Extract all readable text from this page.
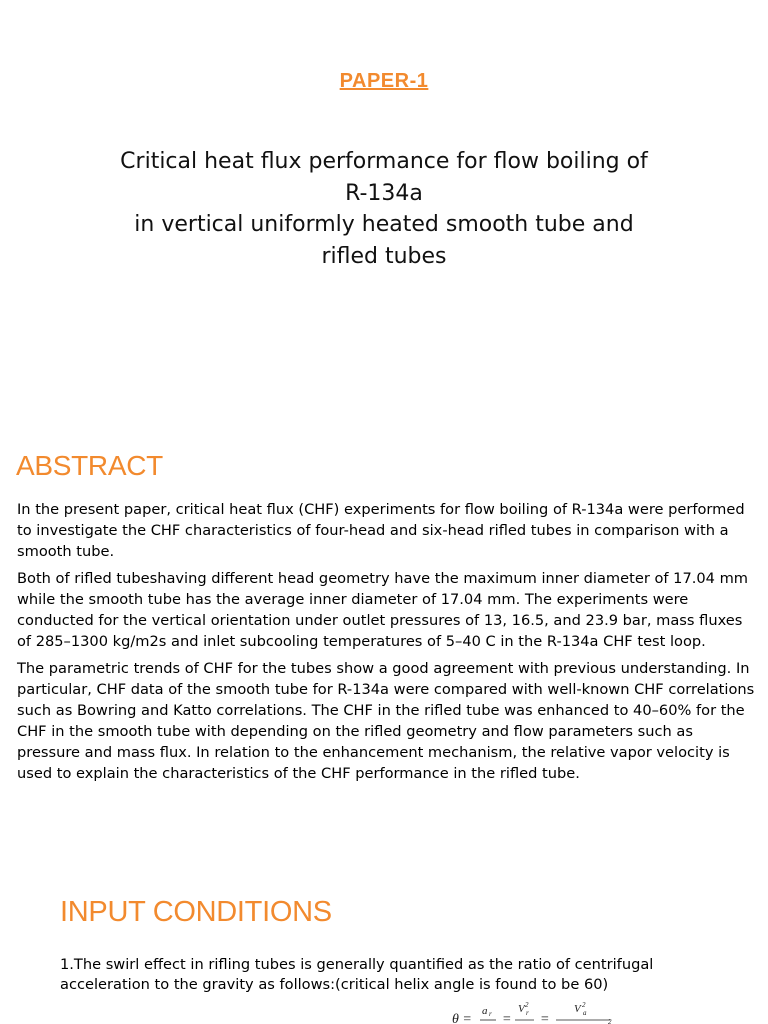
PAPER-1
Critical heat flux performance for flow boiling of
R-134a
in vertical uniformly heated smooth tube and
rifled tubes
ABSTRACT

In the present paper, critical heat flux (CHF) experiments for flow boiling of R-134a were performed to investigate the CHF characteristics of four-head and six-head rifled tubes in comparison with a smooth tube.

Both of rifled tubeshaving different head geometry have the maximum inner diameter of 17.04 mm while the smooth tube has the average inner diameter of 17.04 mm. The experiments were conducted for the vertical orientation under outlet pressures of 13, 16.5, and 23.9 bar, mass fluxes of 285–1300 kg/m2s and inlet subcooling temperatures of 5–40 C in the R-134a CHF test loop.

The parametric trends of CHF for the tubes show a good agreement with previous understanding. In particular, CHF data of the smooth tube for R-134a were compared with well-known CHF correlations such as Bowring and Katto correlations. The CHF in the rifled tube was enhanced to 40–60% for the CHF in the smooth tube with depending on the rifled geometry and flow parameters such as pressure and mass flux. In relation to the enhancement mechanism, the relative vapor velocity is used to explain the characteristics of the CHF performance in the rifled tube.

INPUT CONDITIONS
1.The swirl effect in rifling tubes is generally quantified as the ratio of centrifugal acceleration to the gravity as follows:(critical helix angle is found to be 60)
θ =
a r =
V 2
r =
V 2
a
2
